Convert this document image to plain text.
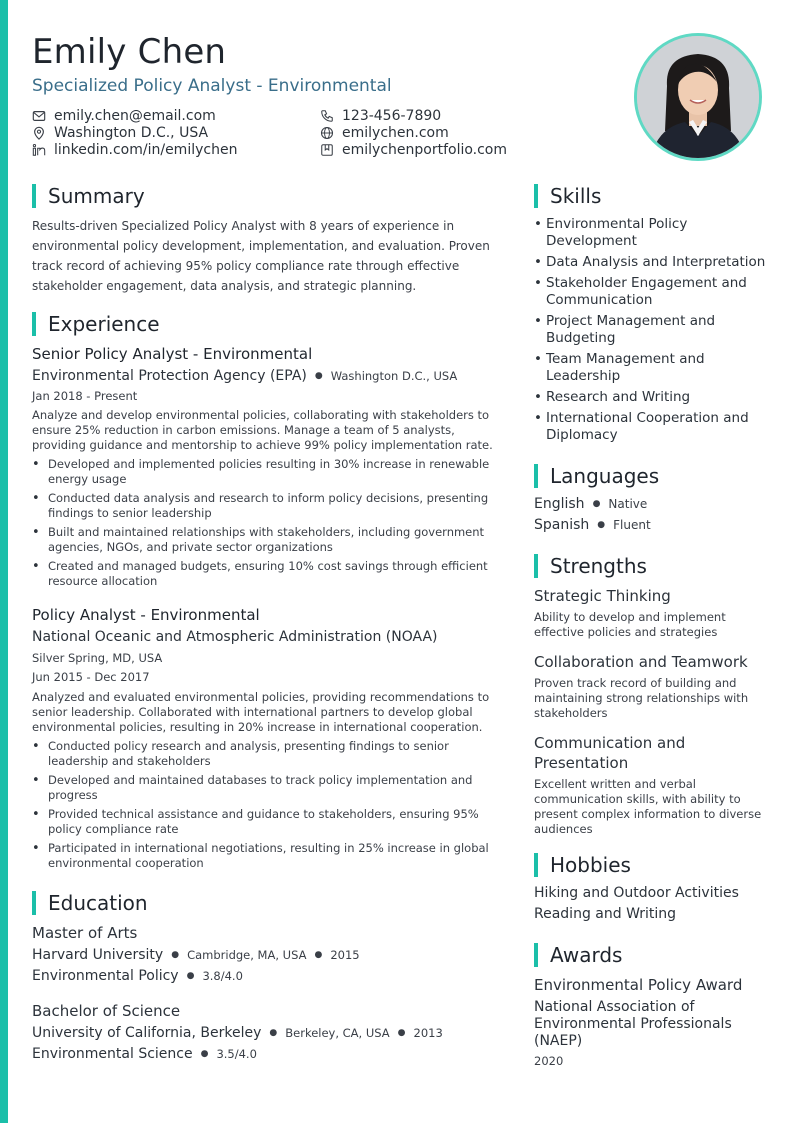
Emily Chen
Specialized Policy Analyst - Environmental
emily.chen@email.com	123-456-7890
Washington D.C., USA	emilychen.com
linkedin.com/in/emilychen	emilychenportfolio.com
Summary
Results-driven Specialized Policy Analyst with 8 years of experience in environmental policy development, implementation, and evaluation. Proven track record of achieving 95% policy compliance rate through effective stakeholder engagement, data analysis, and strategic planning.
Experience
Senior Policy Analyst - Environmental
Environmental Protection Agency (EPA) ● Washington D.C., USA
Jan 2018 - Present
Analyze and develop environmental policies, collaborating with stakeholders to ensure 25% reduction in carbon emissions. Manage a team of 5 analysts, providing guidance and mentorship to achieve 99% policy implementation rate.
• Developed and implemented policies resulting in 30% increase in renewable energy usage
• Conducted data analysis and research to inform policy decisions, presenting findings to senior leadership
• Built and maintained relationships with stakeholders, including government agencies, NGOs, and private sector organizations
• Created and managed budgets, ensuring 10% cost savings through efficient resource allocation
Policy Analyst - Environmental
National Oceanic and Atmospheric Administration (NOAA)
Silver Spring, MD, USA
Jun 2015 - Dec 2017
Analyzed and evaluated environmental policies, providing recommendations to senior leadership. Collaborated with international partners to develop global environmental policies, resulting in 20% increase in international cooperation.
• Conducted policy research and analysis, presenting findings to senior leadership and stakeholders
• Developed and maintained databases to track policy implementation and progress
• Provided technical assistance and guidance to stakeholders, ensuring 95% policy compliance rate
• Participated in international negotiations, resulting in 25% increase in global environmental cooperation
Education
Master of Arts
Harvard University ● Cambridge, MA, USA ● 2015
Environmental Policy ● 3.8/4.0
Bachelor of Science
University of California, Berkeley ● Berkeley, CA, USA ● 2013
Environmental Science ● 3.5/4.0
Skills
• Environmental Policy Development
• Data Analysis and Interpretation
• Stakeholder Engagement and Communication
• Project Management and Budgeting
• Team Management and Leadership
• Research and Writing
• International Cooperation and Diplomacy
Languages
English ● Native
Spanish ● Fluent
Strengths
Strategic Thinking
Ability to develop and implement effective policies and strategies
Collaboration and Teamwork
Proven track record of building and maintaining strong relationships with stakeholders
Communication and Presentation
Excellent written and verbal communication skills, with ability to present complex information to diverse audiences
Hobbies
Hiking and Outdoor Activities
Reading and Writing
Awards
Environmental Policy Award
National Association of Environmental Professionals (NAEP)
2020
